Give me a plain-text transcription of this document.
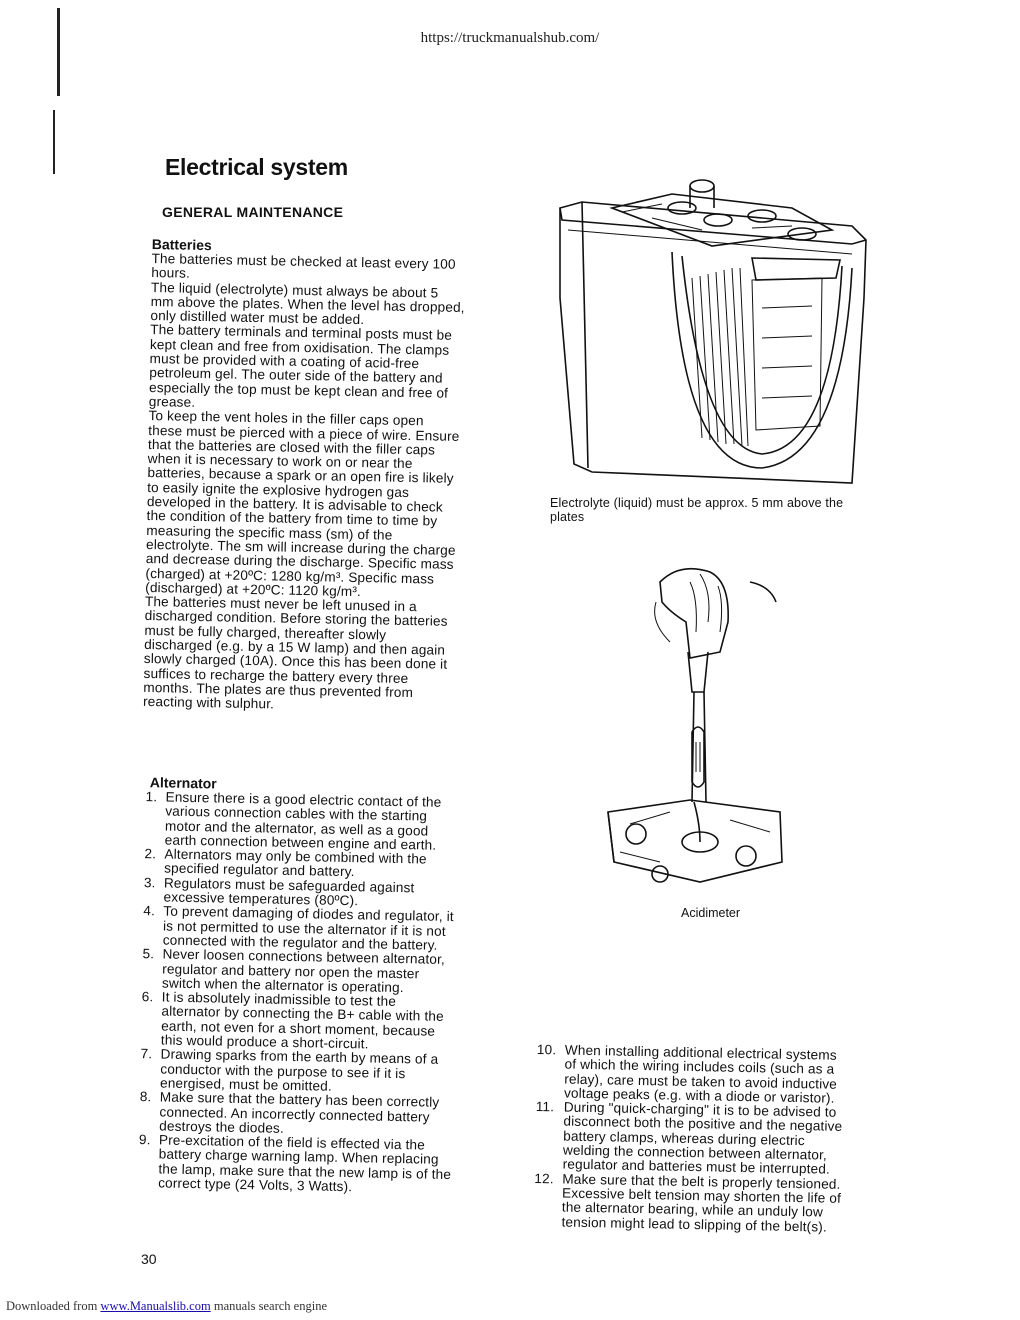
https://truckmanualshub.com/
Electrical system
GENERAL MAINTENANCE
Batteries
The batteries must be checked at least every 100
hours.
The liquid (electrolyte) must always be about 5
mm above the plates. When the level has dropped,
only distilled water must be added.
The battery terminals and terminal posts must be
kept clean and free from oxidisation. The clamps
must be provided with a coating of acid-free
petroleum gel. The outer side of the battery and
especially the top must be kept clean and free of
grease.
To keep the vent holes in the filler caps open
these must be pierced with a piece of wire. Ensure
that the batteries are closed with the filler caps
when it is necessary to work on or near the
batteries, because a spark or an open fire is likely
to easily ignite the explosive hydrogen gas
developed in the battery. It is advisable to check
the condition of the battery from time to time by
measuring the specific mass (sm) of the
electrolyte. The sm will increase during the charge
and decrease during the discharge. Specific mass
(charged) at +20ºC: 1280 kg/m³. Specific mass
(discharged) at +20ºC: 1120 kg/m³.
The batteries must never be left unused in a
discharged condition. Before storing the batteries
must be fully charged, thereafter slowly
discharged (e.g. by a 15 W lamp) and then again
slowly charged (10A). Once this has been done it
suffices to recharge the battery every three
months. The plates are thus prevented from
reacting with sulphur.
Alternator
1. Ensure there is a good electric contact of the
various connection cables with the starting
motor and the alternator, as well as a good
earth connection between engine and earth.
2. Alternators may only be combined with the
specified regulator and battery.
3. Regulators must be safeguarded against
excessive temperatures (80ºC).
4. To prevent damaging of diodes and regulator, it
is not permitted to use the alternator if it is not
connected with the regulator and the battery.
5. Never loosen connections between alternator,
regulator and battery nor open the master
switch when the alternator is operating.
6. It is absolutely inadmissible to test the
alternator by connecting the B+ cable with the
earth, not even for a short moment, because
this would produce a short-circuit.
7. Drawing sparks from the earth by means of a
conductor with the purpose to see if it is
energised, must be omitted.
8. Make sure that the battery has been correctly
connected. An incorrectly connected battery
destroys the diodes.
9. Pre-excitation of the field is effected via the
battery charge warning lamp. When replacing
the lamp, make sure that the new lamp is of the
correct type (24 Volts, 3 Watts).
10. When installing additional electrical systems
of which the wiring includes coils (such as a
relay), care must be taken to avoid inductive
voltage peaks (e.g. with a diode or varistor).
11. During "quick-charging" it is to be advised to
disconnect both the positive and the negative
battery clamps, whereas during electric
welding the connection between alternator,
regulator and batteries must be interrupted.
12. Make sure that the belt is properly tensioned.
Excessive belt tension may shorten the life of
the alternator bearing, while an unduly low
tension might lead to slipping of the belt(s).
Electrolyte (liquid) must be approx. 5 mm above the
plates
Acidimeter
30
Downloaded from www.Manualslib.com manuals search engine
